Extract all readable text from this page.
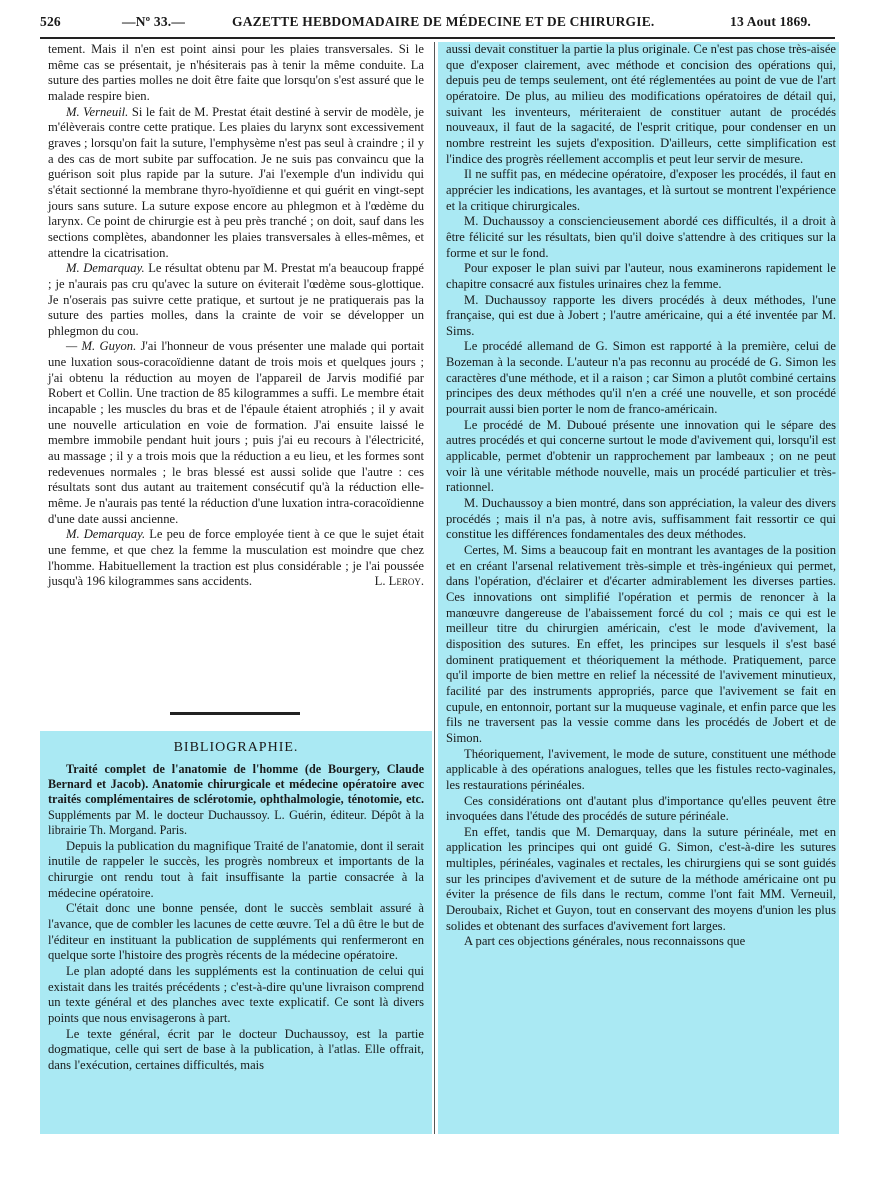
526	—Nº 33.—	GAZETTE HEBDOMADAIRE DE MÉDECINE ET DE CHIRURGIE.	13 Aout 1869.

tement. Mais il n'en est point ainsi pour les plaies transversales. Si le même cas se présentait, je n'hésiterais pas à tenir la même conduite. La suture des parties molles ne doit être faite que lorsqu'on s'est assuré que le malade respire bien.

M. Verneuil. Si le fait de M. Prestat était destiné à servir de modèle, je m'élèverais contre cette pratique. Les plaies du larynx sont excessivement graves ; lorsqu'on fait la suture, l'emphysème n'est pas seul à craindre ; il y a des cas de mort subite par suffocation. Je ne suis pas convaincu que la guérison soit plus rapide par la suture. J'ai l'exemple d'un individu qui s'était sectionné la membrane thyro-hyoïdienne et qui guérit en vingt-sept jours sans suture. La suture expose encore au phlegmon et à l'œdème du larynx. Ce point de chirurgie est à peu près tranché ; on doit, sauf dans les sections complètes, abandonner les plaies transversales à elles-mêmes, et attendre la cicatrisation.

M. Demarquay. Le résultat obtenu par M. Prestat m'a beaucoup frappé ; je n'aurais pas cru qu'avec la suture on éviterait l'œdème sous-glottique. Je n'oserais pas suivre cette pratique, et surtout je ne pratiquerais pas la suture des parties molles, dans la crainte de voir se développer un phlegmon du cou.

— M. Guyon. J'ai l'honneur de vous présenter une malade qui portait une luxation sous-coracoïdienne datant de trois mois et quelques jours ; j'ai obtenu la réduction au moyen de l'appareil de Jarvis modifié par Robert et Collin. Une traction de 85 kilogrammes a suffi. Le membre était incapable ; les muscles du bras et de l'épaule étaient atrophiés ; il y avait une nouvelle articulation en voie de formation. J'ai ensuite laissé le membre immobile pendant huit jours ; puis j'ai eu recours à l'électricité, au massage ; il y a trois mois que la réduction a eu lieu, et les formes sont redevenues normales ; le bras blessé est aussi solide que l'autre : ces résultats sont dus autant au traitement consécutif qu'à la réduction elle-même. Je n'aurais pas tenté la réduction d'une luxation intra-coracoïdienne d'une date aussi ancienne.

M. Demarquay. Le peu de force employée tient à ce que le sujet était une femme, et que chez la femme la musculation est moindre que chez l'homme. Habituellement la traction est plus considérable ; je l'ai poussée jusqu'à 196 kilogrammes sans accidents.	L. Leroy.

BIBLIOGRAPHIE.

Traité complet de l'anatomie de l'homme (de Bourgery, Claude Bernard et Jacob). Anatomie chirurgicale et médecine opératoire avec traités complémentaires de sclérotomie, ophthalmologie, ténotomie, etc. Suppléments par M. le docteur Duchaussoy. L. Guérin, éditeur. Dépôt à la librairie Th. Morgand. Paris.

Depuis la publication du magnifique Traité de l'anatomie, dont il serait inutile de rappeler le succès, les progrès nombreux et importants de la chirurgie ont rendu tout à fait insuffisante la partie consacrée à la médecine opératoire.

C'était donc une bonne pensée, dont le succès semblait assuré à l'avance, que de combler les lacunes de cette œuvre. Tel a dû être le but de l'éditeur en instituant la publication de suppléments qui renfermeront en quelque sorte l'histoire des progrès récents de la médecine opératoire.

Le plan adopté dans les suppléments est la continuation de celui qui existait dans les traités précédents ; c'est-à-dire qu'une livraison comprend un texte général et des planches avec texte explicatif. Ce sont là divers points que nous envisagerons à part.

Le texte général, écrit par le docteur Duchaussoy, est la partie dogmatique, celle qui sert de base à la publication, à l'atlas. Elle offrait, dans l'exécution, certaines difficultés, mais

aussi devait constituer la partie la plus originale. Ce n'est pas chose très-aisée que d'exposer clairement, avec méthode et concision des opérations qui, depuis peu de temps seulement, ont été réglementées au point de vue de l'art opératoire. De plus, au milieu des modifications opératoires de détail qui, suivant les inventeurs, mériteraient de constituer autant de procédés nouveaux, il faut de la sagacité, de l'esprit critique, pour condenser en un nombre restreint les sujets d'exposition. D'ailleurs, cette simplification est l'indice des progrès réellement accomplis et peut leur servir de mesure.

Il ne suffit pas, en médecine opératoire, d'exposer les procédés, il faut en apprécier les indications, les avantages, et là surtout se montrent l'expérience et la critique chirurgicales.

M. Duchaussoy a consciencieusement abordé ces difficultés, il a droit à être félicité sur les résultats, bien qu'il doive s'attendre à des critiques sur la forme et sur le fond.

Pour exposer le plan suivi par l'auteur, nous examinerons rapidement le chapitre consacré aux fistules urinaires chez la femme.

M. Duchaussoy rapporte les divers procédés à deux méthodes, l'une française, qui est due à Jobert ; l'autre américaine, qui a été inventée par M. Sims.

Le procédé allemand de G. Simon est rapporté à la première, celui de Bozeman à la seconde. L'auteur n'a pas reconnu au procédé de G. Simon les caractères d'une méthode, et il a raison ; car Simon a plutôt combiné certains principes des deux méthodes qu'il n'en a créé une nouvelle, et son procédé pourrait aussi bien porter le nom de franco-américain.

Le procédé de M. Duboué présente une innovation qui le sépare des autres procédés et qui concerne surtout le mode d'avivement qui, lorsqu'il est applicable, permet d'obtenir un rapprochement par lambeaux ; on ne peut voir là une véritable méthode nouvelle, mais un procédé particulier et très-rationnel.

M. Duchaussoy a bien montré, dans son appréciation, la valeur des divers procédés ; mais il n'a pas, à notre avis, suffisamment fait ressortir ce qui constitue les différences fondamentales des deux méthodes.

Certes, M. Sims a beaucoup fait en montrant les avantages de la position et en créant l'arsenal relativement très-simple et très-ingénieux qui permet, dans l'opération, d'éclairer et d'écarter admirablement les diverses parties. Ces innovations ont simplifié l'opération et permis de renoncer à la manœuvre dangereuse de l'abaissement forcé du col ; mais ce qui est le meilleur titre du chirurgien américain, c'est le mode d'avivement, la disposition des sutures. En effet, les principes sur lesquels il s'est basé dominent pratiquement et théoriquement la méthode. Pratiquement, parce qu'il importe de bien mettre en relief la nécessité de l'avivement minutieux, facilité par des instruments appropriés, parce que l'avivement se fait en cupule, en entonnoir, portant sur la muqueuse vaginale, et enfin parce que les fils ne traversent pas la vessie comme dans les procédés de Jobert et de Simon.

Théoriquement, l'avivement, le mode de suture, constituent une méthode applicable à des opérations analogues, telles que les fistules recto-vaginales, les restaurations périnéales.

Ces considérations ont d'autant plus d'importance qu'elles peuvent être invoquées dans l'étude des procédés de suture périnéale.

En effet, tandis que M. Demarquay, dans la suture périnéale, met en application les principes qui ont guidé G. Simon, c'est-à-dire les sutures multiples, périnéales, vaginales et rectales, les chirurgiens qui se sont guidés sur les principes d'avivement et de suture de la méthode américaine ont pu éviter la présence de fils dans le rectum, comme l'ont fait MM. Verneuil, Deroubaix, Richet et Guyon, tout en conservant des moyens d'union les plus solides et obtenant des surfaces d'avivement fort larges.

A part ces objections générales, nous reconnaissons que
